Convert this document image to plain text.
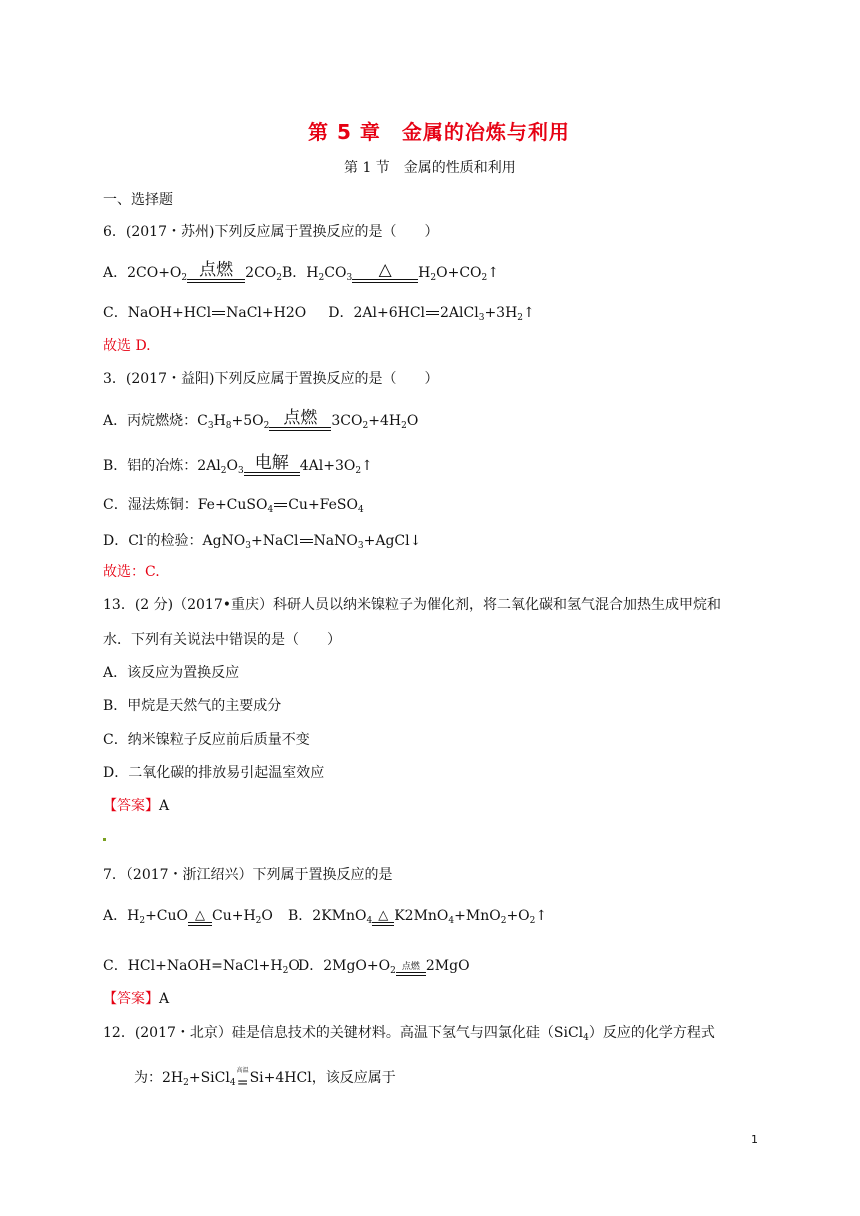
第 5 章　金属的冶炼与利用
第 1 节　金属的性质和利用
一、选择题
6．(2017・苏州)下列反应属于置换反应的是（　　）
A．$2CO+O_2$ 点燃 $2CO_2B$．$H_2CO_3$	△	$H_2O+CO_2↑$
C．NaOH+HCl NaCl+H2O D．2Al+6HCl $2AlCl_3+3H_2↑$
故选 D.
3．(2017・益阳)下列反应属于置换反应的是（　　）
A．丙烷燃烧：$C_3H_8+5O_2$ 点燃	$3CO_2+4H_2O$
B．铝的冶炼：$2Al_2O_3$ 电解 $4Al+3O_2↑$
C．湿法炼铜：Fe+CuSO$_4$ Cu+FeSO$_4$
D．Cl-的检验：AgNO$_3$+NaCl NaNO$_3$+AgCl↓
故选：C.
13．(2 分)（2017•重庆）科研人员以纳米镍粒子为催化剂，将二氧化碳和氢气混合加热生成甲烷和
水．下列有关说法中错误的是（　　）
A．该反应为置换反应
B．甲烷是天然气的主要成分
C．纳米镍粒子反应前后质量不变
D．二氧化碳的排放易引起温室效应
【答案】A
7．（2017・浙江绍兴）下列属于置换反应的是
A．$H_2+CuO$ △ $Cu+H_2O$ B．2KMnO$_4$ △ $K2MnO_4+MnO_2+O_2↑$
C．$HCl+NaOH=NaCl+H_2O$
D．$2MgO+O_2$ 点燃 2MgO
【答案】A
12．(2017・北京）硅是信息技术的关键材料。高温下氢气与四氯化硅（SiCl$_4$）反应的化学方程式
为：$2H_2+SiCl_4$
高温
=Si+4HCl，该反应属于
1
